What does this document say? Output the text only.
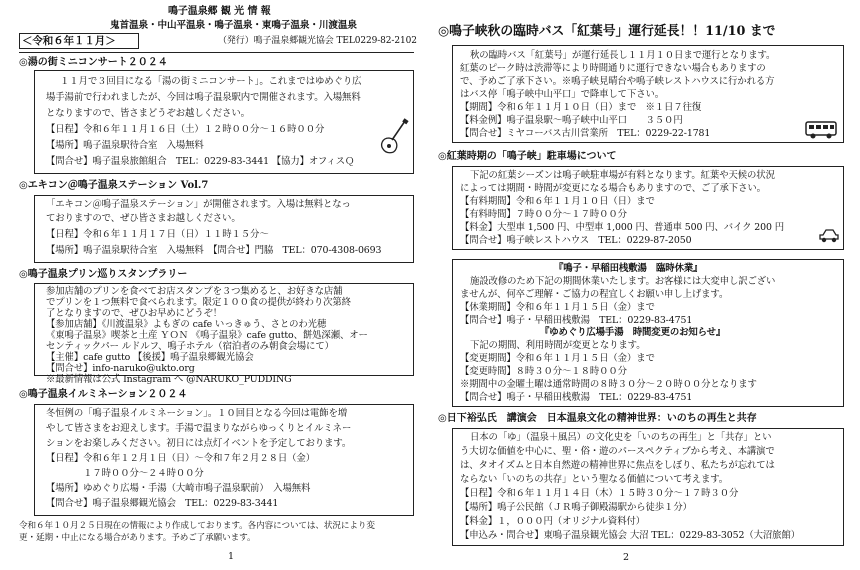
鳴子温泉郷 観 光 情 報
鬼首温泉・中山平温泉・鳴子温泉・東鳴子温泉・川渡温泉
＜令和６年１１月＞	（発行）鳴子温泉郷観光協会 TEL0229-82-2102
◎湯の街ミニコンサート２０２４
１１月で３回目になる「湯の街ミニコンサート」。これまではゆめぐり広
場手湯前で行われましたが、今回は鳴子温泉駅内で開催されます。入場無料
となりますので、皆さまどうぞお越しください。
【日程】令和６年１１月１６日（土）１２時００分～１６時００分
【場所】鳴子温泉駅待合室　入場無料
【問合せ】鳴子温泉旅館組合　TEL：0229-83-3441 【協力】オフィスＱ
◎エキコン＠鳴子温泉ステーション Vol.7
「エキコン＠鳴子温泉ステーション」が開催されます。入場は無料となっ
ておりますので、ぜひ皆さまお越しください。
【日程】令和６年１１月１７日（日）１１時１５分～
【場所】鳴子温泉駅待合室　入場無料　【問合せ】門脇　TEL：070-4308-0693
◎鳴子温泉プリン巡りスタンプラリー
参加店舗のプリンを食べてお店スタンプを３つ集めると、お好きな店舗
でプリンを１つ無料で食べられます。限定１００食の提供が終わり次第終
了となりますので、ぜひお早めにどうぞ！
【参加店舗】《川渡温泉》よもぎの cafe いっきゅう、さとのわ光穂
《東鳴子温泉》喫茶と土産 ＹＯＮ 《鳴子温泉》cafe gutto、餅処深瀬、オー
センティックパー ルドルフ、鳴子ホテル（宿泊者のみ朝食会場にて）
【主催】cafe gutto 【後援】鳴子温泉郷観光協会
【問合せ】info-naruko@ukto.org
※最新情報は公式 Instagram へ @NARUKO_PUDDING
◎鳴子温泉イルミネーション２０２４
冬恒例の「鳴子温泉イルミネーション」。１０回目となる今回は電飾を増
やして皆さまをお迎えします。手湯で温まりながらゆっくりとイルミネー
ションをお楽しみください。初日には点灯イベントを予定しております。
【日程】令和６年１２月１日（日）～令和７年２月２８日（金）
　　　　１７時００分～２４時００分
【場所】ゆめぐり広場・手湯（大崎市鳴子温泉駅前）　入場無料
【問合せ】鳴子温泉郷観光協会　TEL：0229-83-3441
令和６年１０月２５日現在の情報により作成しております。各内容については、状況により変
更・延期・中止になる場合があります。予めご了承願います。
1
◎鳴子峡秋の臨時バス「紅葉号」運行延長！！11/10 まで
秋の臨時バス「紅葉号」が運行延長し１１月１０日まで運行となります。
紅葉のピーク時は渋滞等により時間通りに運行できない場合もありますの
で、予めご了承下さい。※鳴子峡見晴台や鳴子峡レストハウスに行かれる方
はバス停「鳴子峡中山平口」で降車して下さい。
【期間】令和６年１１月１０日（日）まで　※１日７往復
【料金例】鳴子温泉駅～鳴子峡中山平口　　３５０円
【問合せ】ミヤコーバス古川営業所　TEL：0229-22-1781
◎紅葉時期の「鳴子峡」駐車場について
下記の紅葉シーズンは鳴子峡駐車場が有料となります。紅葉や天候の状況
によっては期間・時間が変更になる場合もありますので、ご了承下さい。
【有料期間】令和６年１１月１０日（日）まで
【有料時間】７時００分～１７時００分
【料金】大型車 1,500 円、中型車 1,000 円、普通車 500 円、バイク 200 円
【問合せ】鳴子峡レストハウス　TEL：0229-87-2050
『鳴子・早稲田桟敷湯　臨時休業』
施設改修のため下記の期間休業いたします。お客様には大変申し訳ござい
ませんが、何卒ご理解・ご協力の程宜しくお願い申し上げます。
【休業期間】令和６年１１月１５日（金）まで
【問合せ】鳴子・早稲田桟敷湯　TEL：0229-83-4751
『ゆめぐり広場手湯　時間変更のお知らせ』
下記の期間、利用時間が変更となります。
【変更期間】令和６年１１月１５日（金）まで
【変更時間】８時３０分～１８時００分
※期間中の金曜土曜は通常時間の８時３０分～２０時００分となります
【問合せ】鳴子・早稲田桟敷湯　TEL：0229-83-4751
◎日下裕弘氏　講演会　日本温泉文化の精神世界：いのちの再生と共存
日本の「ゆ」（温泉＋風呂）の文化史を「いのちの再生」と「共存」とい
う大切な価値を中心に、聖・俗・遊のパースペクティブから考え、本講演で
は、タオイズムと日本自然遊の精神世界に焦点をしぼり、私たちが忘れては
ならない「いのちの共存」という聖なる価値について考えます。
【日程】令和６年１１月１４日（木）１５時３０分～１７時３０分
【場所】鳴子公民館（ＪＲ鳴子御殿湯駅から徒歩１分）
【料金】１，０００円（オリジナル資料付）
【申込み・問合せ】東鳴子温泉観光協会 大沼 TEL：0229-83-3052（大沼旅館）
2
